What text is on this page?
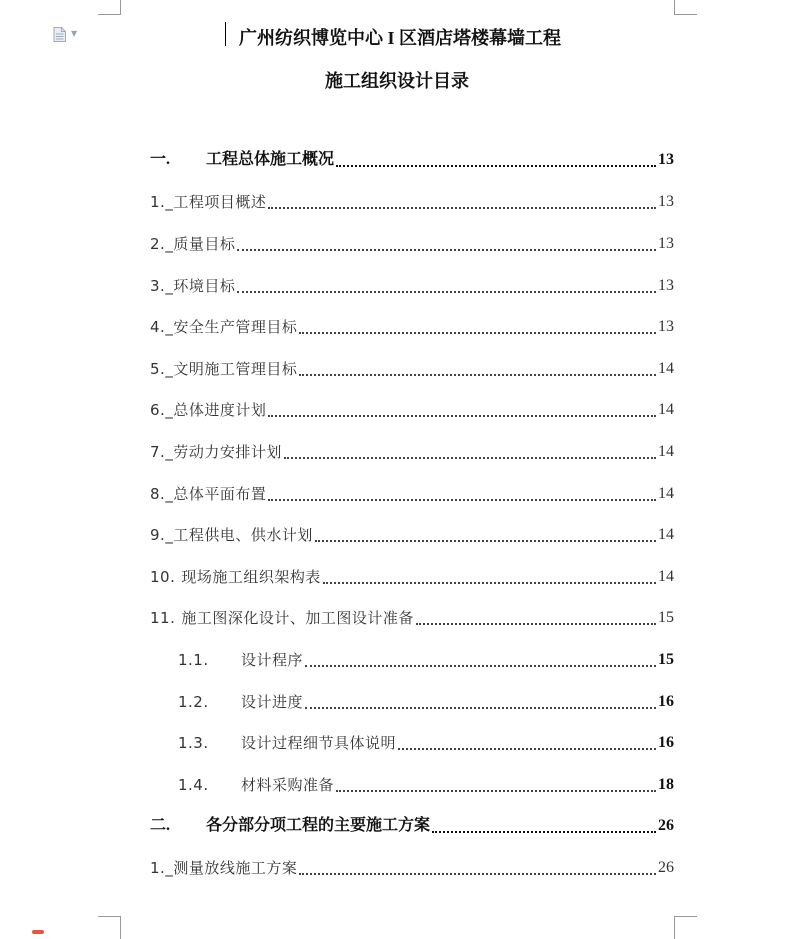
▼	广州纺织博览中心 I 区酒店塔楼幕墙工程
施工组织设计目录
一.	工程总体施工概况	13
1. _工程项目概述	13
2. _质量目标	13
3. _环境目标	13
4. _安全生产管理目标	13
5. _文明施工管理目标	14
6. _总体进度计划	14
7. _劳动力安排计划	14
8. _总体平面布置	14
9. _工程供电、供水计划	14
10. 现场施工组织架构表	14
11. 施工图深化设计、加工图设计准备	15
1.1.	设计程序	15
1.2.	设计进度	16
1.3.	设计过程细节具体说明	16
1.4.	材料采购准备	18
二.	各分部分项工程的主要施工方案	26
1. _测量放线施工方案	26
